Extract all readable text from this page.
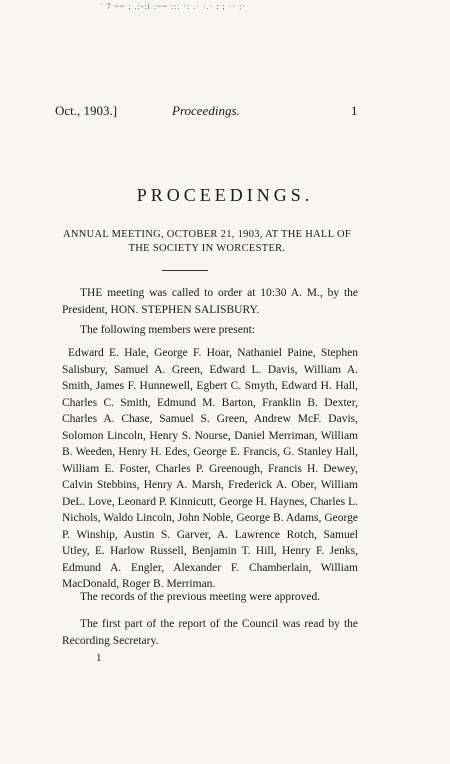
` 7 ~~ ; .:-:i :~~ ::: ·: .· ·.· : ; ·· :·
Oct., 1903.]	Proceedings.	1
PROCEEDINGS.
ANNUAL MEETING, OCTOBER 21, 1903, AT THE HALL OF THE SOCIETY IN WORCESTER.

THE meeting was called to order at 10:30 A. M., by the President, HON. STEPHEN SALISBURY.

The following members were present:

Edward E. Hale, George F. Hoar, Nathaniel Paine, Stephen Salisbury, Samuel A. Green, Edward L. Davis, William A. Smith, James F. Hunnewell, Egbert C. Smyth, Edward H. Hall, Charles C. Smith, Edmund M. Barton, Franklin B. Dexter, Charles A. Chase, Samuel S. Green, Andrew McF. Davis, Solomon Lincoln, Henry S. Nourse, Daniel Merriman, William B. Weeden, Henry H. Edes, George E. Francis, G. Stanley Hall, William E. Foster, Charles P. Greenough, Francis H. Dewey, Calvin Stebbins, Henry A. Marsh, Frederick A. Ober, William DeL. Love, Leonard P. Kinnicutt, George H. Haynes, Charles L. Nichols, Waldo Lincoln, John Noble, George B. Adams, George P. Winship, Austin S. Garver, A. Lawrence Rotch, Samuel Utley, E. Harlow Russell, Benjamin T. Hill, Henry F. Jenks, Edmund A. Engler, Alexander F. Chamberlain, William MacDonald, Roger B. Merriman.

The records of the previous meeting were approved.

The first part of the report of the Council was read by the Recording Secretary.

1
